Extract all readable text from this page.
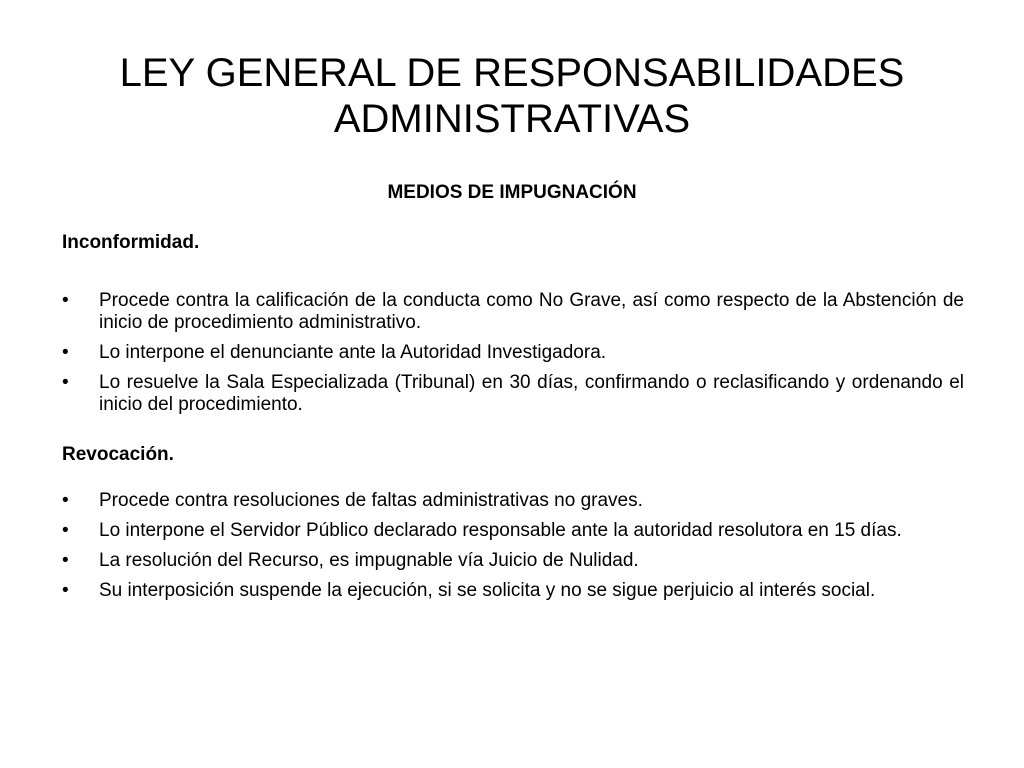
LEY GENERAL DE RESPONSABILIDADES ADMINISTRATIVAS

MEDIOS DE IMPUGNACIÓN

Inconformidad.

•	Procede contra la calificación de la conducta como No Grave, así como respecto de la Abstención de inicio de procedimiento administrativo.
•	Lo interpone el denunciante ante la Autoridad Investigadora.
•	Lo resuelve la Sala Especializada (Tribunal) en 30 días, confirmando o reclasificando y ordenando el inicio del procedimiento.

Revocación.

•	Procede contra resoluciones de faltas administrativas no graves.
•	Lo interpone el Servidor Público declarado responsable ante la autoridad resolutora en 15 días.
•	La resolución del Recurso, es impugnable vía Juicio de Nulidad.
•	Su interposición suspende la ejecución, si se solicita y no se sigue perjuicio al interés social.
